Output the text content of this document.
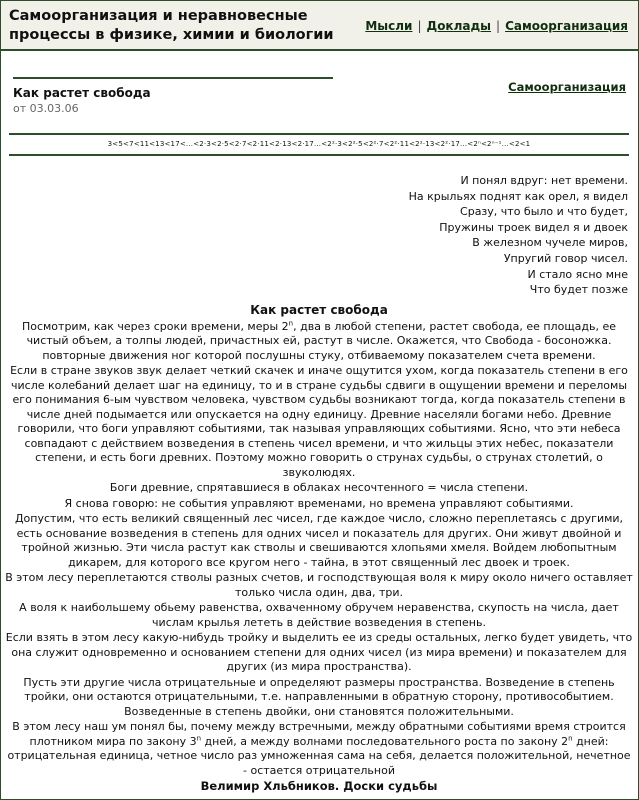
Самоорганизация и неравновесные процессы в физике, химии и биологии
Мысли | Доклады | Самоорганизация
Как растет свобода
от 03.03.06
Самоорганизация
3<5<7<11<13<17<...<2·3<2·5<2·7<2·11<2·13<2·17...<2²·3<2²·5<2²·7<2²·11<2²·13<2²·17...<2ⁿ<2ⁿ⁻¹...<2<1
И понял вдруг: нет времени.
На крыльях поднят как орел, я видел
Сразу, что было и что будет,
Пружины троек видел я и двоек
В железном чучеле миров,
Упругий говор чисел.
И стало ясно мне
Что будет позже
Как растет свобода

Посмотрим, как через сроки времени, меры 2$^n$, два в любой степени, растет свобода, ее площадь, ее чистый объем, а толпы людей, причастных ей, растут в числе. Окажется, что Свобода - босоножка. повторные движения ног которой послушны стуку, отбиваемому показателем счета времени.

Если в стране звуков звук делает четкий скачек и иначе ощутится ухом, когда показатель степени в его числе колебаний делает шаг на единицу, то и в стране судьбы сдвиги в ощущении времени и переломы его понимания 6-ым чувством человека, чувством судьбы возникают тогда, когда показатель степени в числе дней подымается или опускается на одну единицу. Древние населяли богами небо. Древние говорили, что боги управляют событиями, так называя управляющих событиями. Ясно, что эти небеса совпадают с действием возведения в степень чисел времени, и что жильцы этих небес, показатели степени, и есть боги древних. Поэтому можно говорить о струнах судьбы, о струнах столетий, о звуколюдях.

Боги древние, спрятавшиеся в облаках несочтенного = числа степени.

Я снова говорю: не события управляют временами, но времена управляют событиями.

Допустим, что есть великий священный лес чисел, где каждое число, сложно переплетаясь с другими, есть основание возведения в степень для одних чисел и показатель для других. Они живут двойной и тройной жизнью. Эти числа растут как стволы и свешиваются хлопьями хмеля. Войдем любопытным дикарем, для которого все кругом него - тайна, в этот священный лес двоек и троек.

В этом лесу переплетаются стволы разных счетов, и господствующая воля к миру около ничего оставляет только числа один, два, три.

А воля к наибольшему обьему равенства, охваченному обручем неравенства, скупость на числа, дает числам крылья лететь в действие возведения в степень.

Если взять в этом лесу какую-нибудь тройку и выделить ее из среды остальных, легко будет увидеть, что она служит одновременно и основанием степени для одних чисел (из мира времени) и показателем для других (из мира пространства).

Пусть эти другие числа отрицательные и определяют размеры пространства. Возведение в степень тройки, они остаются отрицательными, т.е. направленными в обратную сторону, противособытием. Возведенные в степень двойки, они становятся положительными.

В этом лесу наш ум понял бы, почему между встречными, между обратными событиями время строится плотником мира по закону 3$^n$ дней, а между волнами последовательного роста по закону 2$^n$ дней: отрицательная единица, четное число раз умноженная сама на себя, делается положительной, нечетное - остается отрицательной

Велимир Хльбников. Доски судьбы
